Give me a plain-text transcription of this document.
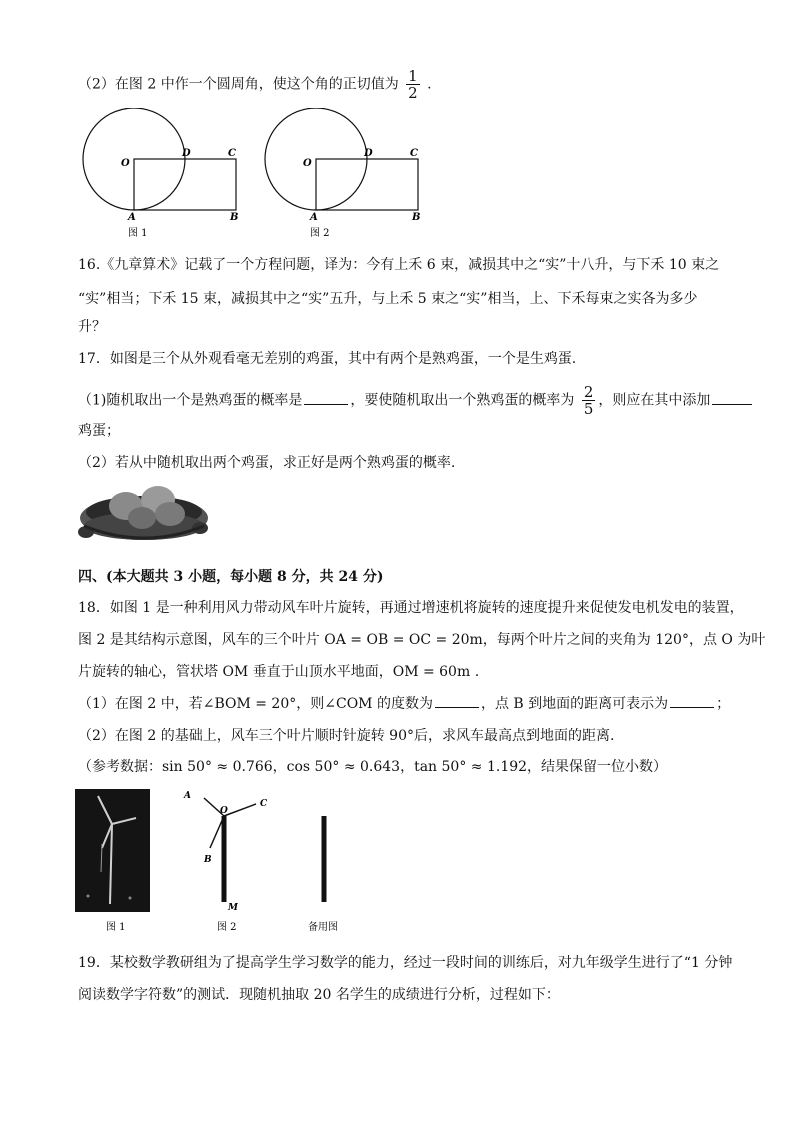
（2）在图 2 中作一个圆周角，使这个角的正切值为 $\frac{1}{2}$ .
O
D	C
A	B
图 1
O
D	C
A	B
图 2
16.《九章算术》记载了一个方程问题，译为：今有上禾 6 束，减损其中之“实”十八升，与下禾 10 束之
“实”相当；下禾 15 束，减损其中之“实”五升，与上禾 5 束之“实”相当，上、下禾每束之实各为多少
升？
17．如图是三个从外观看毫无差别的鸡蛋，其中有两个是熟鸡蛋，一个是生鸡蛋.
（1)随机取出一个是熟鸡蛋的概率是	，要使随机取出一个熟鸡蛋的概率为 $\frac{2}{5}$ ，则应在其中添加
鸡蛋；
（2）若从中随机取出两个鸡蛋，求正好是两个熟鸡蛋的概率.
四、(本大题共 3 小题，每小题 8 分，共 24 分)
18．如图 1 是一种利用风力带动风车叶片旋转，再通过增速机将旋转的速度提升来促使发电机发电的装置，
图 2 是其结构示意图，风车的三个叶片 OA = OB = OC = 20m，每两个叶片之间的夹角为 120°，点 O 为叶
片旋转的轴心，管状塔 OM 垂直于山顶水平地面，OM = 60m .
（1）在图 2 中，若∠BOM = 20°，则∠COM 的度数为	，点 B 到地面的距离可表示为	；
（2）在图 2 的基础上，风车三个叶片顺时针旋转 90°后，求风车最高点到地面的距离.
（参考数据：sin 50° ≈ 0.766，cos 50° ≈ 0.643，tan 50° ≈ 1.192，结果保留一位小数）
图 1
A
O
C
B
M
图 2	备用图
19．某校数学教研组为了提高学生学习数学的能力，经过一段时间的训练后，对九年级学生进行了“1 分钟
阅读数学字符数”的测试．现随机抽取 20 名学生的成绩进行分析，过程如下：
